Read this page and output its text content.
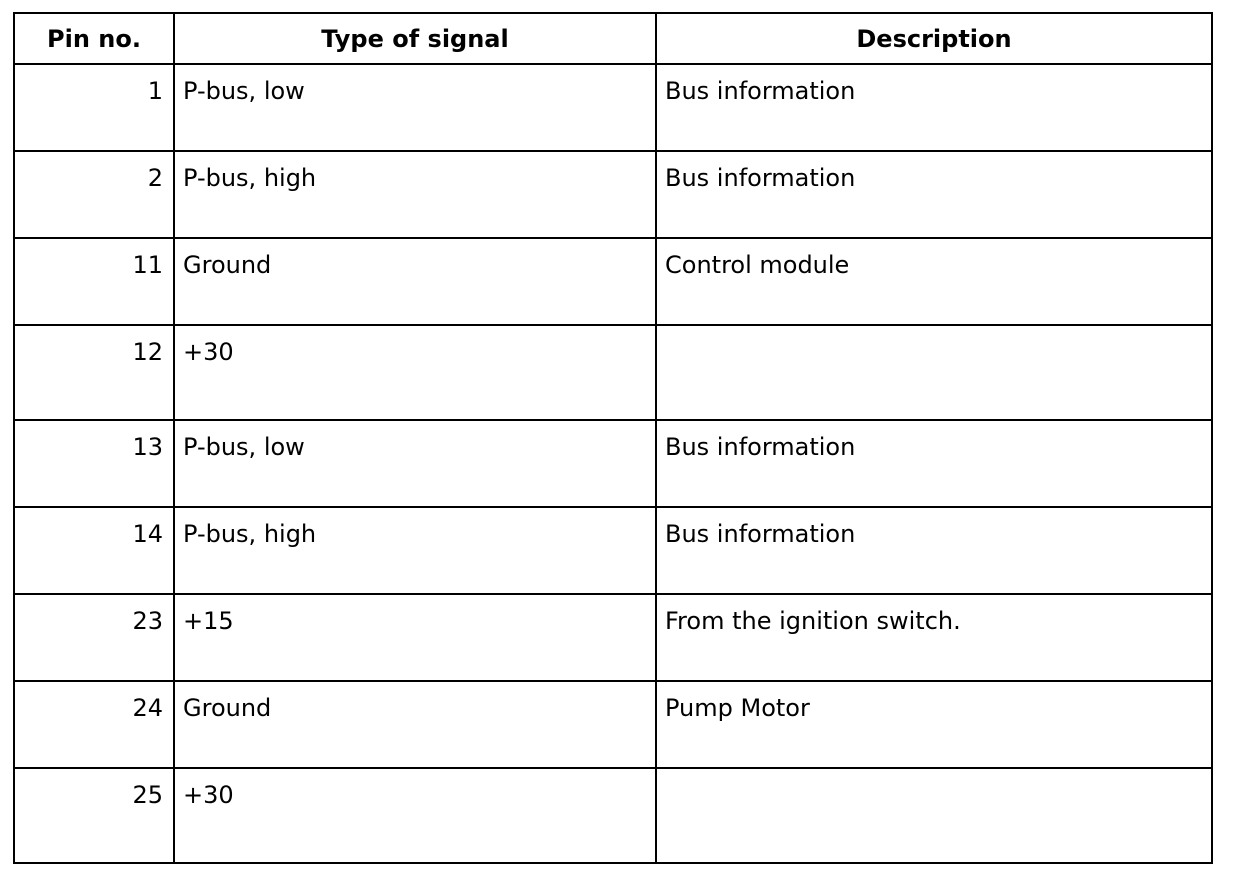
Pin no.	Type of signal	Description
1	P-bus, low	Bus information
2	P-bus, high	Bus information
11	Ground	Control module
12	+30	
13	P-bus, low	Bus information
14	P-bus, high	Bus information
23	+15	From the ignition switch.
24	Ground	Pump Motor
25	+30	
